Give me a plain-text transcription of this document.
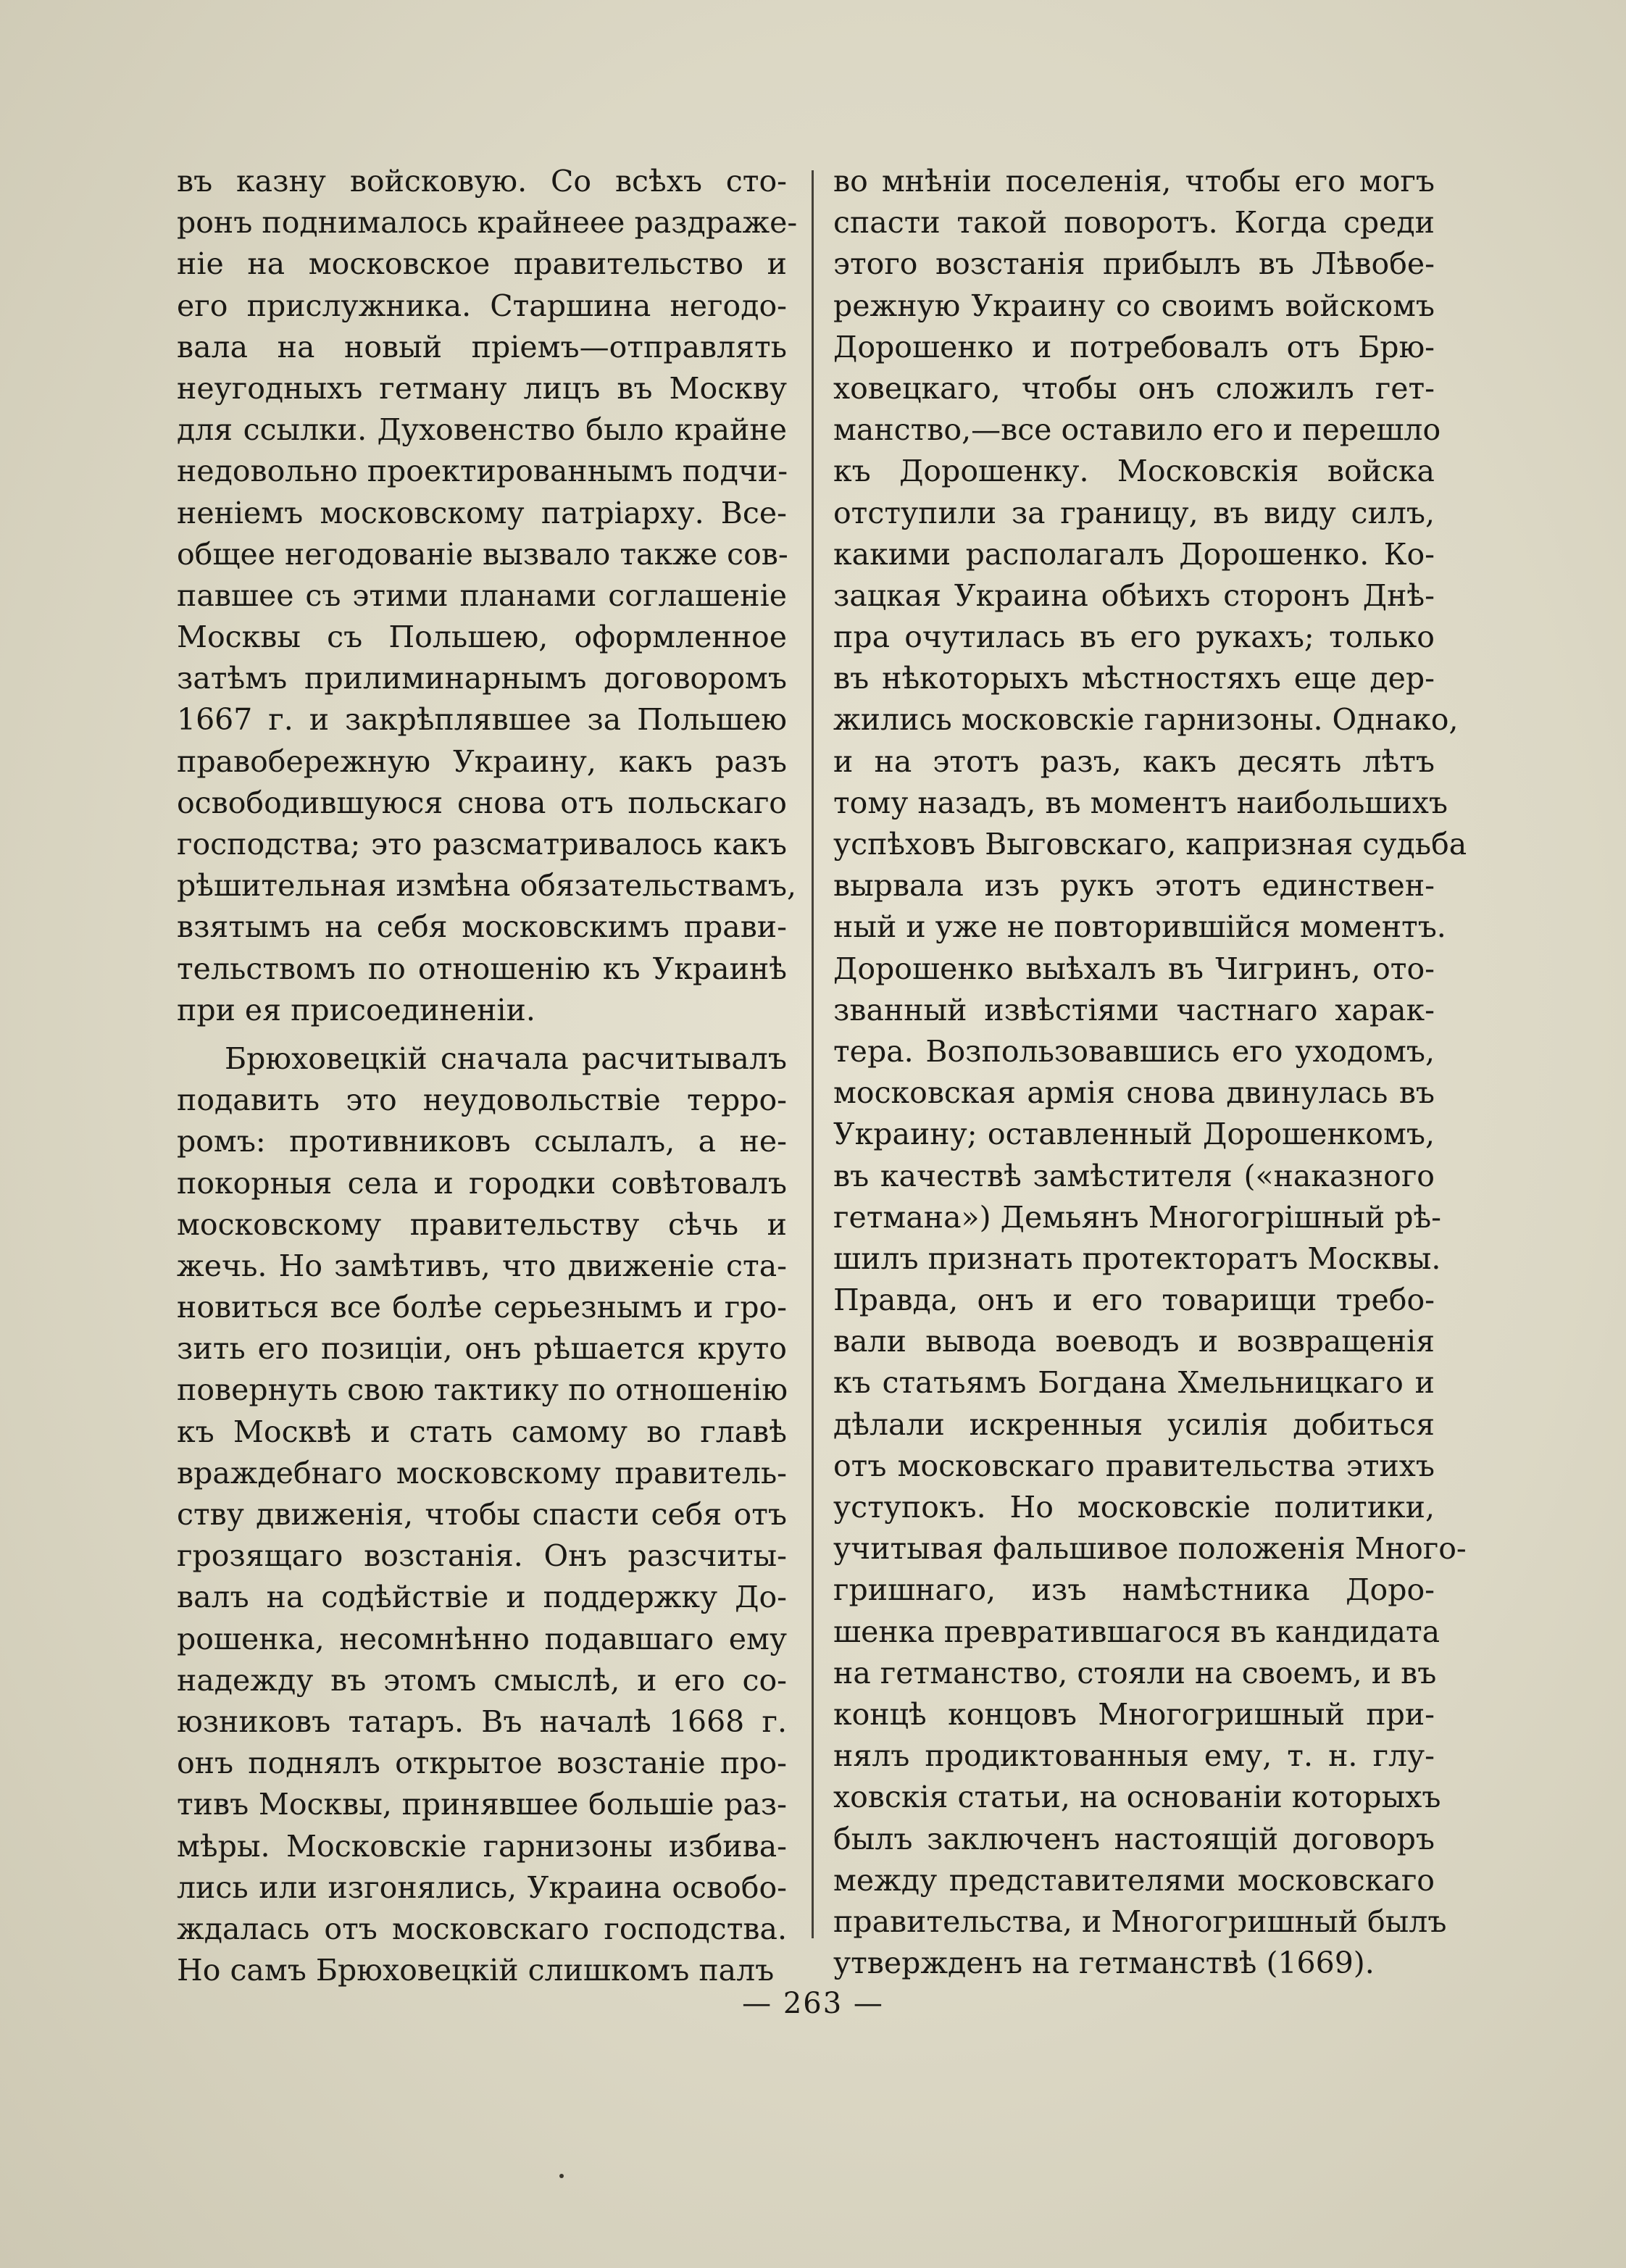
въ казну войсковую. Со всѣхъ сто-
ронъ поднималось крайнеее раздраже-
ніе на московское правительство и
его прислужника. Старшина негодо-
вала на новый пріемъ—отправлять
неугодныхъ гетману лицъ въ Москву
для ссылки. Духовенство было крайне
недовольно проектированнымъ подчи-
неніемъ московскому патріарху. Все-
общее негодованіе вызвало также сов-
павшее съ этими планами соглашеніе
Москвы съ Польшею, оформленное
затѣмъ прилиминарнымъ договоромъ
1667 г. и закрѣплявшее за Польшею
правобережную Украину, какъ разъ
освободившуюся снова отъ польскаго
господства; это разсматривалось какъ
рѣшительная измѣна обязательствамъ,
взятымъ на себя московскимъ прави-
тельствомъ по отношенію къ Украинѣ
при ея присоединеніи.
Брюховецкій сначала расчитывалъ
подавить это неудовольствіе терро-
ромъ: противниковъ ссылалъ, а не-
покорныя села и городки совѣтовалъ
московскому правительству сѣчь и
жечь. Но замѣтивъ, что движеніе ста-
новиться все болѣе серьезнымъ и гро-
зить его позиціи, онъ рѣшается круто
повернуть свою тактику по отношенію
къ Москвѣ и стать самому во главѣ
враждебнаго московскому правитель-
ству движенія, чтобы спасти себя отъ
грозящаго возстанія. Онъ разсчиты-
валъ на содѣйствіе и поддержку До-
рошенка, несомнѣнно подавшаго ему
надежду въ этомъ смыслѣ, и его со-
юзниковъ татаръ. Въ началѣ 1668 г.
онъ поднялъ открытое возстаніе про-
тивъ Москвы, принявшее большіе раз-
мѣры. Московскіе гарнизоны избива-
лись или изгонялись, Украина освобо-
ждалась отъ московскаго господства.
Но самъ Брюховецкій слишкомъ палъ
во мнѣніи поселенія, чтобы его могъ
спасти такой поворотъ. Когда среди
этого возстанія прибылъ въ Лѣвобе-
режную Украину со своимъ войскомъ
Дорошенко и потребовалъ отъ Брю-
ховецкаго, чтобы онъ сложилъ гет-
манство,—все оставило его и перешло
къ Дорошенку. Московскія войска
отступили за границу, въ виду силъ,
какими располагалъ Дорошенко. Ко-
зацкая Украина обѣихъ сторонъ Днѣ-
пра очутилась въ его рукахъ; только
въ нѣкоторыхъ мѣстностяхъ еще дер-
жились московскіе гарнизоны. Однако,
и на этотъ разъ, какъ десять лѣтъ
тому назадъ, въ моментъ наибольшихъ
успѣховъ Выговскаго, капризная судьба
вырвала изъ рукъ этотъ единствен-
ный и уже не повторившійся моментъ.
Дорошенко выѣхалъ въ Чигринъ, ото-
званный извѣстіями частнаго харак-
тера. Возпользовавшись его уходомъ,
московская армія снова двинулась въ
Украину; оставленный Дорошенкомъ,
въ качествѣ замѣстителя («наказного
гетмана») Демьянъ Многогрішный рѣ-
шилъ признать протекторатъ Москвы.
Правда, онъ и его товарищи требо-
вали вывода воеводъ и возвращенія
къ статьямъ Богдана Хмельницкаго и
дѣлали искренныя усилія добиться
отъ московскаго правительства этихъ
уступокъ. Но московскіе политики,
учитывая фальшивое положенія Много-
гришнаго, изъ намѣстника Доро-
шенка превратившагося въ кандидата
на гетманство, стояли на своемъ, и въ
концѣ концовъ Многогришный при-
нялъ продиктованныя ему, т. н. глу-
ховскія статьи, на основаніи которыхъ
былъ заключенъ настоящій договоръ
между представителями московскаго
правительства, и Многогришный былъ
утвержденъ на гетманствѣ (1669).
— 263 —
